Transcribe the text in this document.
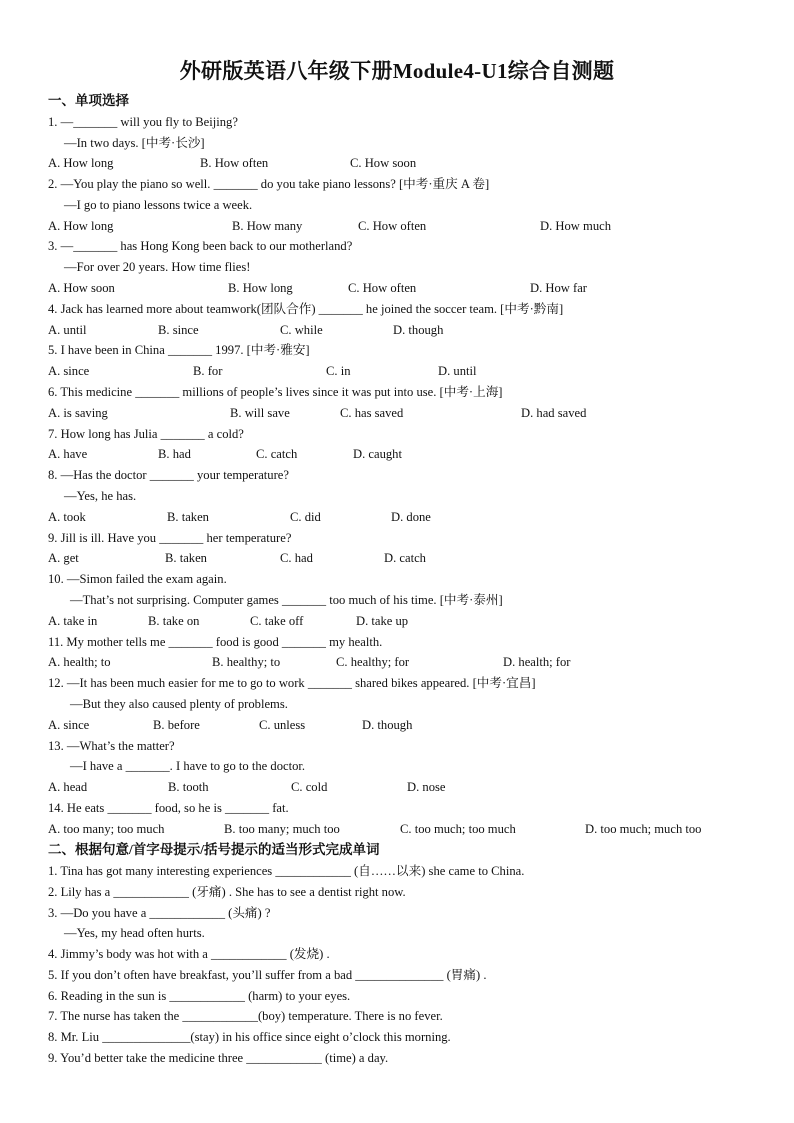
外研版英语八年级下册Module4-U1综合自测题
一、单项选择
1. —_______ will you fly to Beijing?
—In two days. [中考·长沙]
A. How long	B. How often	C. How soon
2. —You play the piano so well. _______ do you take piano lessons? [中考·重庆 A 卷]
—I go to piano lessons twice a week.
A. How long	B. How many	C. How often	D. How much
3. —_______ has Hong Kong been back to our motherland?
—For over 20 years. How time flies!
A. How soon	B. How long	C. How often	D. How far
4. Jack has learned more about teamwork(团队合作) _______ he joined the soccer team. [中考·黔南]
A. until	B. since	C. while	D. though
5. I have been in China _______ 1997. [中考·雅安]
A. since	B. for	C. in	D. until
6. This medicine _______ millions of people’s lives since it was put into use. [中考·上海]
A. is saving	B. will save	C. has saved	D. had saved
7. How long has Julia _______ a cold?
A. have	B. had	C. catch	D. caught
8. —Has the doctor _______ your temperature?
—Yes, he has.
A. took	B. taken	C. did	D. done
9. Jill is ill. Have you _______ her temperature?
A. get	B. taken	C. had	D. catch
10. —Simon failed the exam again.
—That’s not surprising. Computer games _______ too much of his time. [中考·泰州]
A. take in	B. take on	C. take off	D. take up
11. My mother tells me _______ food is good _______ my health.
A. health; to	B. healthy; to	C. healthy; for	D. health; for
12. —It has been much easier for me to go to work _______ shared bikes appeared. [中考·宜昌]
—But they also caused plenty of problems.
A. since	B. before	C. unless	D. though
13. —What’s the matter?
—I have a _______. I have to go to the doctor.
A. head	B. tooth	C. cold	D. nose
14. He eats _______ food, so he is _______ fat.
A. too many; too much	B. too many; much too	C. too much; too much	D. too much; much too
二、根据句意/首字母提示/括号提示的适当形式完成单词
1. Tina has got many interesting experiences ____________ (自……以来) she came to China.
2. Lily has a ____________ (牙痛) . She has to see a dentist right now.
3. —Do you have a ____________ (头痛) ?
—Yes, my head often hurts.
4. Jimmy’s body was hot with a ____________ (发烧) .
5. If you don’t often have breakfast, you’ll suffer from a bad ______________ (胃痛) .
6. Reading in the sun is ____________ (harm) to your eyes.
7. The nurse has taken the ____________(boy) temperature. There is no fever.
8. Mr. Liu ______________(stay) in his office since eight o’clock this morning.
9. You’d better take the medicine three ____________ (time) a day.
